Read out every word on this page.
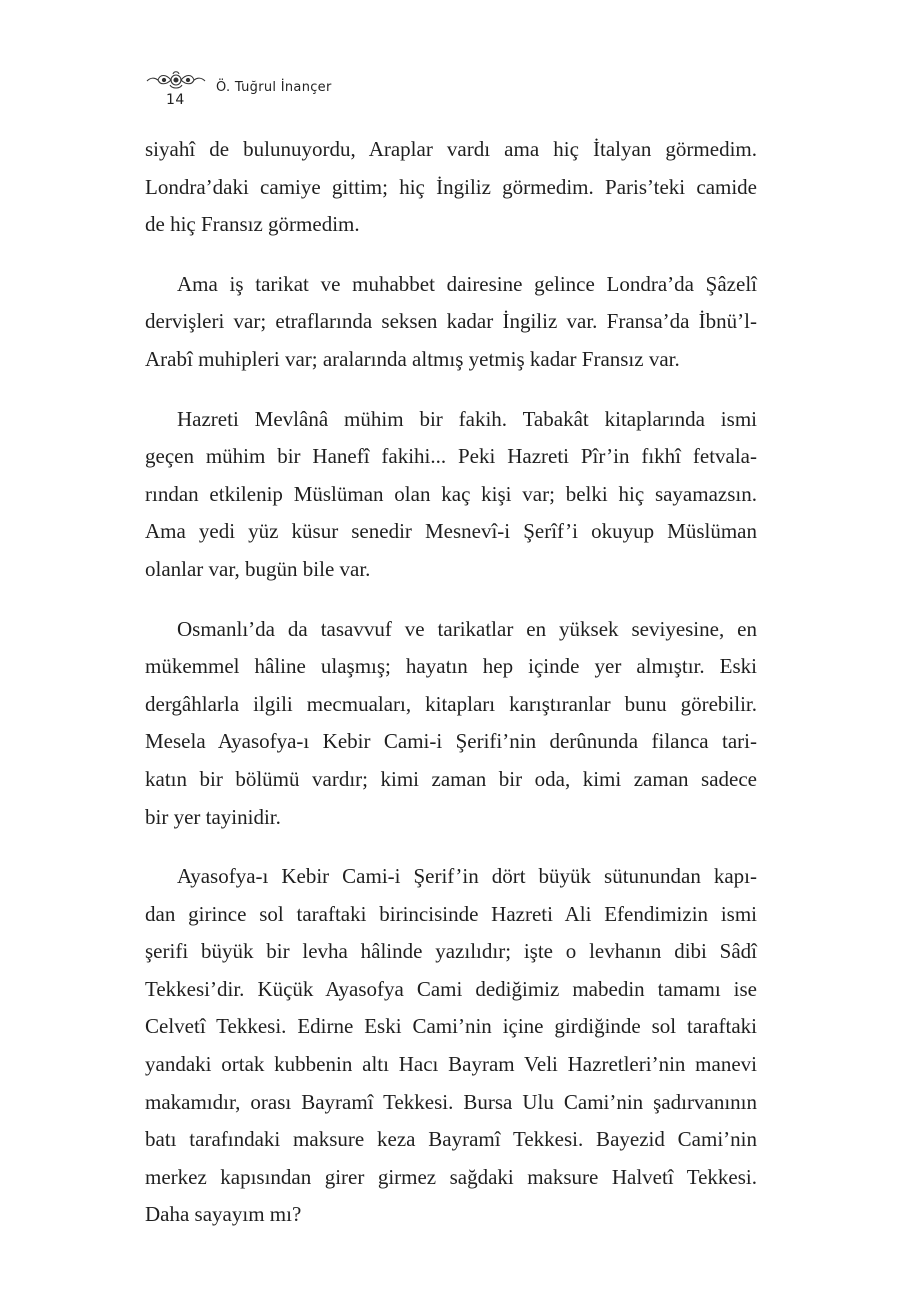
14
Ö. Tuğrul İnançer

siyahî de bulunuyordu, Araplar vardı ama hiç İtalyan görmedim.
Londra’daki camiye gittim; hiç İngiliz görmedim. Paris’teki camide
de hiç Fransız görmedim.

Ama iş tarikat ve muhabbet dairesine gelince Londra’da Şâzelî
dervişleri var; etraflarında seksen kadar İngiliz var. Fransa’da İbnü’l-
Arabî muhipleri var; aralarında altmış yetmiş kadar Fransız var.

Hazreti Mevlânâ mühim bir fakih. Tabakât kitaplarında ismi
geçen mühim bir Hanefî fakihi... Peki Hazreti Pîr’in fıkhî fetvala-
rından etkilenip Müslüman olan kaç kişi var; belki hiç sayamazsın.
Ama yedi yüz küsur senedir Mesnevî-i Şerîf’i okuyup Müslüman
olanlar var, bugün bile var.

Osmanlı’da da tasavvuf ve tarikatlar en yüksek seviyesine, en
mükemmel hâline ulaşmış; hayatın hep içinde yer almıştır. Eski
dergâhlarla ilgili mecmuaları, kitapları karıştıranlar bunu görebilir.
Mesela Ayasofya-ı Kebir Cami-i Şerifi’nin derûnunda filanca tari-
katın bir bölümü vardır; kimi zaman bir oda, kimi zaman sadece
bir yer tayinidir.

Ayasofya-ı Kebir Cami-i Şerif’in dört büyük sütunundan kapı-
dan girince sol taraftaki birincisinde Hazreti Ali Efendimizin ismi
şerifi büyük bir levha hâlinde yazılıdır; işte o levhanın dibi Sâdî
Tekkesi’dir. Küçük Ayasofya Cami dediğimiz mabedin tamamı ise
Celvetî Tekkesi. Edirne Eski Cami’nin içine girdiğinde sol taraftaki
yandaki ortak kubbenin altı Hacı Bayram Veli Hazretleri’nin manevi
makamıdır, orası Bayramî Tekkesi. Bursa Ulu Cami’nin şadırvanının
batı tarafındaki maksure keza Bayramî Tekkesi. Bayezid Cami’nin
merkez kapısından girer girmez sağdaki maksure Halvetî Tekkesi.
Daha sayayım mı?
